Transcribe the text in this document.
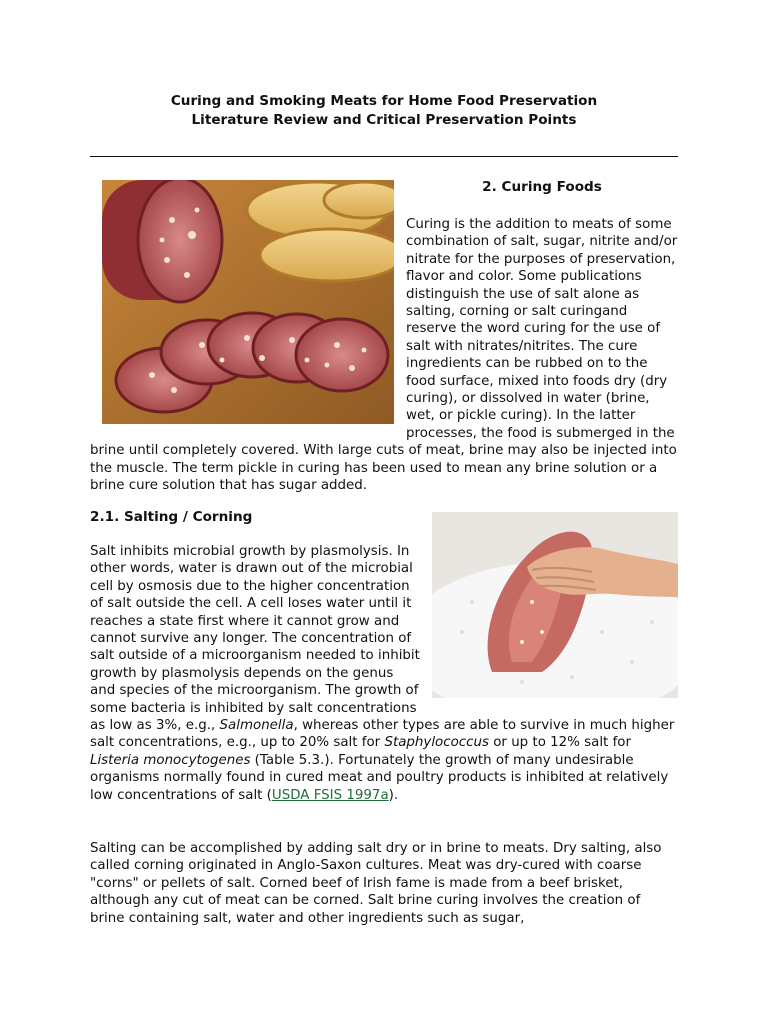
Curing and Smoking Meats for Home Food Preservation
Literature Review and Critical Preservation Points
2. Curing Foods

Curing is the addition to meats of some combination of salt, sugar, nitrite and/or nitrate for the purposes of preservation, flavor and color. Some publications distinguish the use of salt alone as salting, corning or salt curingand reserve the word curing for the use of salt with nitrates/nitrites. The cure ingredients can be rubbed on to the food surface, mixed into foods dry (dry curing), or dissolved in water (brine, wet, or pickle curing). In the latter processes, the food is submerged in the brine until completely covered. With large cuts of meat, brine may also be injected into the muscle. The term pickle in curing has been used to mean any brine solution or a brine cure solution that has sugar added.

2.1. Salting / Corning

Salt inhibits microbial growth by plasmolysis. In other words, water is drawn out of the microbial cell by osmosis due to the higher concentration of salt outside the cell. A cell loses water until it reaches a state first where it cannot grow and cannot survive any longer. The concentration of salt outside of a microorganism needed to inhibit growth by plasmolysis depends on the genus and species of the microorganism. The growth of some bacteria is inhibited by salt concentrations as low as 3%, e.g., Salmonella, whereas other types are able to survive in much higher salt concentrations, e.g., up to 20% salt for Staphylococcus or up to 12% salt for Listeria monocytogenes (Table 5.3.). Fortunately the growth of many undesirable organisms normally found in cured meat and poultry products is inhibited at relatively low concentrations of salt (USDA FSIS 1997a).

Salting can be accomplished by adding salt dry or in brine to meats. Dry salting, also called corning originated in Anglo-Saxon cultures. Meat was dry-cured with coarse "corns" or pellets of salt. Corned beef of Irish fame is made from a beef brisket, although any cut of meat can be corned. Salt brine curing involves the creation of brine containing salt, water and other ingredients such as sugar,
